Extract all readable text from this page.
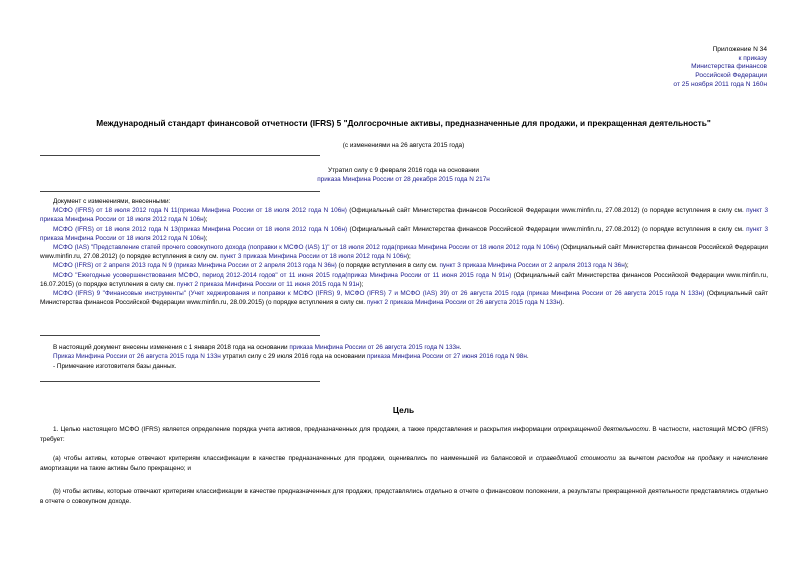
Приложение N 34
к приказу
Министерства финансов
Российской Федерации
от 25 ноября 2011 года N 160н
Международный стандарт финансовой отчетности (IFRS) 5 "Долгосрочные активы, предназначенные для продажи, и прекращенная деятельность"
(с изменениями на 26 августа 2015 года)
Утратил силу с 9 февраля 2016 года на основании
приказа Минфина России от 28 декабря 2015 года N 217н
Документ с изменениями, внесенными:
МСФО (IFRS) от 18 июля 2012 года N 11(приказ Минфина России от 18 июля 2012 года N 106н) (Официальный сайт Министерства финансов Российской Федерации www.minfin.ru, 27.08.2012) (о порядке вступления в силу см. пункт 3 приказа Минфина России от 18 июля 2012 года N 106н);
МСФО (IFRS) от 18 июля 2012 года N 13(приказ Минфина России от 18 июля 2012 года N 106н) (Официальный сайт Министерства финансов Российской Федерации www.minfin.ru, 27.08.2012) (о порядке вступления в силу см. пункт 3 приказа Минфина России от 18 июля 2012 года N 106н);
МСФО (IAS) "Представление статей прочего совокупного дохода (поправки к МСФО (IAS) 1)" от 18 июля 2012 года(приказ Минфина России от 18 июля 2012 года N 106н) (Официальный сайт Министерства финансов Российской Федерации www.minfin.ru, 27.08.2012) (о порядке вступления в силу см. пункт 3 приказа Минфина России от 18 июля 2012 года N 106н);
МСФО (IFRS) от 2 апреля 2013 года N 9 (приказ Минфина России от 2 апреля 2013 года N 36н) (о порядке вступления в силу см. пункт 3 приказа Минфина России от 2 апреля 2013 года N 36н);
МСФО "Ежегодные усовершенствования МСФО, период 2012-2014 годов" от 11 июня 2015 года(приказ Минфина России от 11 июня 2015 года N 91н) (Официальный сайт Министерства финансов Российской Федерации www.minfin.ru, 16.07.2015) (о порядке вступления в силу см. пункт 2 приказа Минфина России от 11 июня 2015 года N 91н);
МСФО (IFRS) 9 "Финансовые инструменты" (Учет хеджирования и поправки к МСФО (IFRS) 9, МСФО (IFRS) 7 и МСФО (IAS) 39) от 26 августа 2015 года (приказ Минфина России от 26 августа 2015 года N 133н) (Официальный сайт Министерства финансов Российской Федерации www.minfin.ru, 28.09.2015) (о порядке вступления в силу см. пункт 2 приказа Минфина России от 26 августа 2015 года N 133н).
В настоящий документ внесены изменения с 1 января 2018 года на основании приказа Минфина России от 26 августа 2015 года N 133н.
Приказ Минфина России от 26 августа 2015 года N 133н утратил силу с 29 июля 2016 года на основании приказа Минфина России от 27 июня 2016 года N 98н.
- Примечание изготовителя базы данных.
Цель
1. Целью настоящего МСФО (IFRS) является определение порядка учета активов, предназначенных для продажи, а также представления и раскрытия информации опрекращенной деятельности. В частности, настоящий МСФО (IFRS) требует:
(a) чтобы активы, которые отвечают критериям классификации в качестве предназначенных для продажи, оценивались по наименьшей из балансовой и справедливой стоимости за вычетом расходов на продажу и начисление амортизации на такие активы было прекращено; и
(b) чтобы активы, которые отвечают критериям классификации в качестве предназначенных для продажи, представлялись отдельно в отчете о финансовом положении, а результаты прекращенной деятельности представлялись отдельно в отчете о совокупном доходе.
